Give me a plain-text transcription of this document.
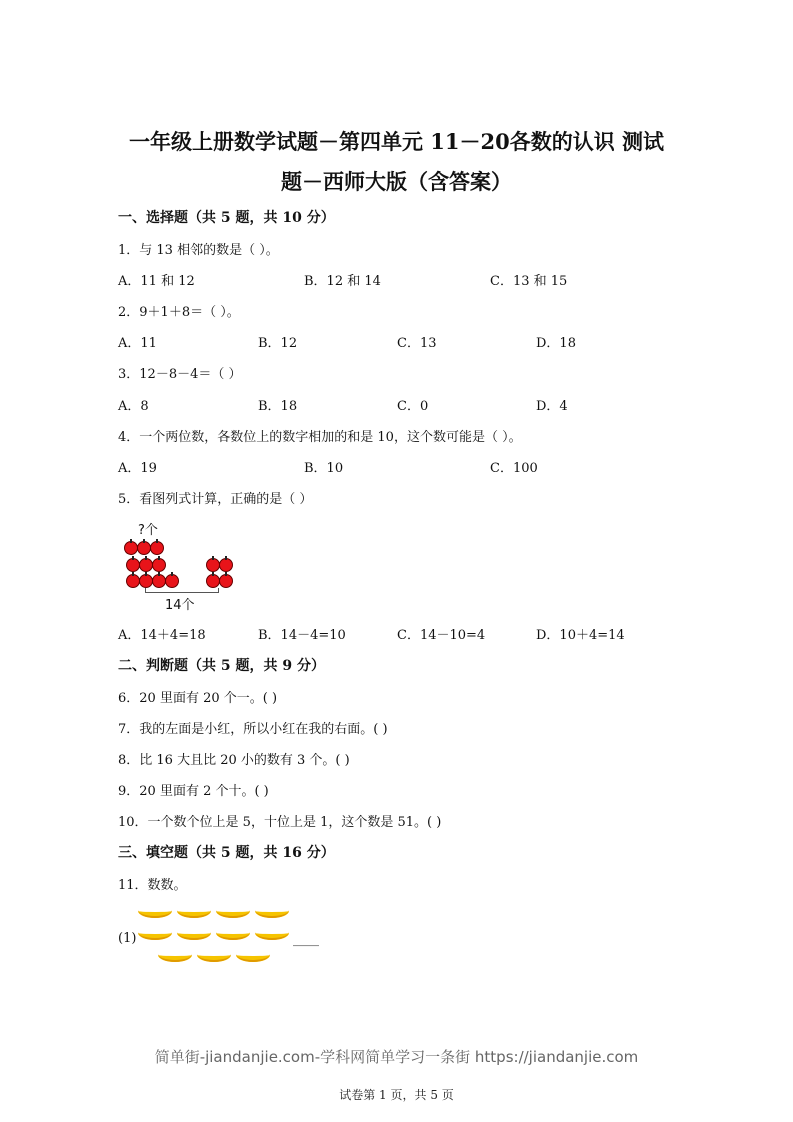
一年级上册数学试题－第四单元 11－20各数的认识 测试
题－西师大版（含答案）
一、选择题（共 5 题，共 10 分）
1．与 13 相邻的数是（ ）。
A．11 和 12	B．12 和 14	C．13 和 15
2．9＋1＋8＝（ ）。
A．11	B．12	C．13	D．18
3．12－8－4＝（ ）
A．8	B．18	C．0	D．4
4．一个两位数，各数位上的数字相加的和是 10，这个数可能是（ ）。
A．19	B．10	C．100
5．看图列式计算，正确的是（ ）
?个
14个
A．14＋4=18	B．14－4=10	C．14－10=4	D．10＋4=14
二、判断题（共 5 题，共 9 分）
6．20 里面有 20 个一。( )
7．我的左面是小红，所以小红在我的右面。( )
8．比 16 大且比 20 小的数有 3 个。( )
9．20 里面有 2 个十。( )
10．一个数个位上是 5，十位上是 1，这个数是 51。( )
三、填空题（共 5 题，共 16 分）
11．数数。
(1)	____
简单街-jiandanjie.com-学科网简单学习一条街 https://jiandanjie.com
试卷第 1 页，共 5 页
